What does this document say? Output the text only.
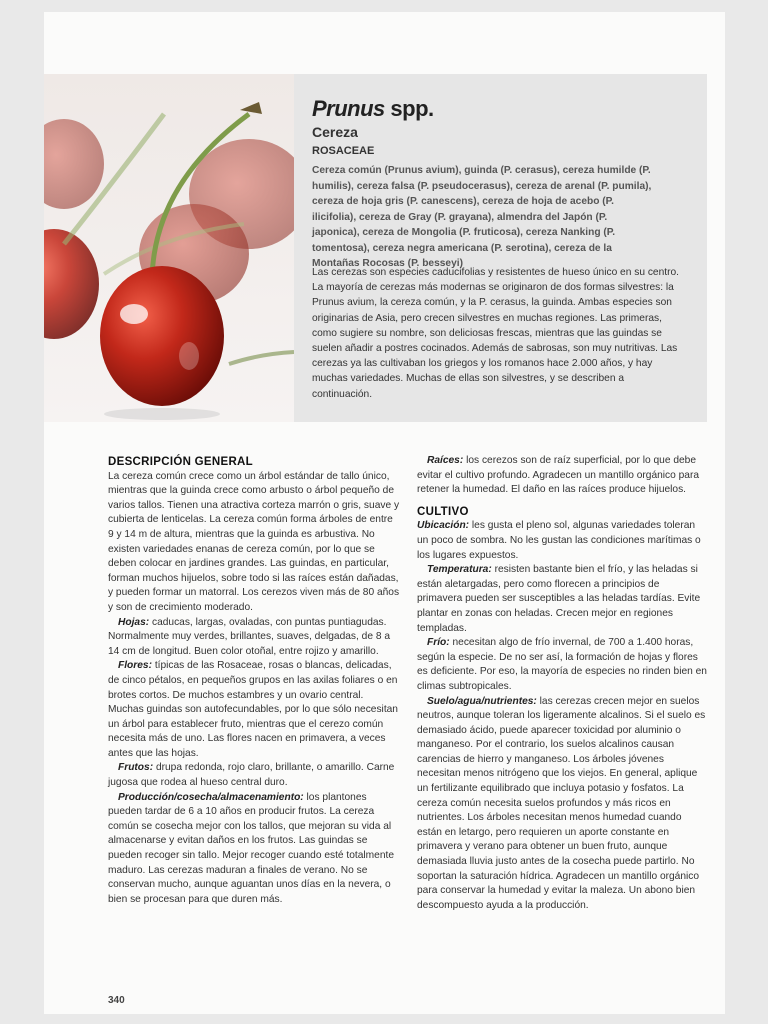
Prunus spp.
Cereza
ROSACEAE

Cereza común (Prunus avium), guinda (P. cerasus), cereza humilde (P. humilis), cereza falsa (P. pseudocerasus), cereza de arenal (P. pumila), cereza de hoja gris (P. canescens), cereza de hoja de acebo (P. ilicifolia), cereza de Gray (P. grayana), almendra del Japón (P. japonica), cereza de Mongolia (P. fruticosa), cereza Nanking (P. tomentosa), cereza negra americana (P. serotina), cereza de la Montañas Rocosas (P. besseyi)

Las cerezas son especies caducifolias y resistentes de hueso único en su centro. La mayoría de cerezas más modernas se originaron de dos formas silvestres: la Prunus avium, la cereza común, y la P. cerasus, la guinda. Ambas especies son originarias de Asia, pero crecen silvestres en muchas regiones. Las primeras, como sugiere su nombre, son deliciosas frescas, mientras que las guindas se suelen añadir a postres cocinados. Además de sabrosas, son muy nutritivas. Las cerezas ya las cultivaban los griegos y los romanos hace 2.000 años, y hay muchas variedades. Muchas de ellas son silvestres, y se describen a continuación.

DESCRIPCIÓN GENERAL

La cereza común crece como un árbol estándar de tallo único, mientras que la guinda crece como arbusto o árbol pequeño de varios tallos. Tienen una atractiva corteza marrón o gris, suave y cubierta de lenticelas. La cereza común forma árboles de entre 9 y 14 m de altura, mientras que la guinda es arbustiva. No existen variedades enanas de cereza común, por lo que se deben colocar en jardines grandes. Las guindas, en particular, forman muchos hijuelos, sobre todo si las raíces están dañadas, y pueden formar un matorral. Los cerezos viven más de 80 años y son de crecimiento moderado.

Hojas: caducas, largas, ovaladas, con puntas puntiagudas. Normalmente muy verdes, brillantes, suaves, delgadas, de 8 a 14 cm de longitud. Buen color otoñal, entre rojizo y amarillo.

Flores: típicas de las Rosaceae, rosas o blancas, delicadas, de cinco pétalos, en pequeños grupos en las axilas foliares o en brotes cortos. De muchos estambres y un ovario central. Muchas guindas son autofecundables, por lo que sólo necesitan un árbol para establecer fruto, mientras que el cerezo común necesita más de uno. Las flores nacen en primavera, a veces antes que las hojas.

Frutos: drupa redonda, rojo claro, brillante, o amarillo. Carne jugosa que rodea al hueso central duro.

Producción/cosecha/almacenamiento: los plantones pueden tardar de 6 a 10 años en producir frutos. La cereza común se cosecha mejor con los tallos, que mejoran su vida al almacenarse y evitan daños en los frutos. Las guindas se pueden recoger sin tallo. Mejor recoger cuando esté totalmente maduro. Las cerezas maduran a finales de verano. No se conservan mucho, aunque aguantan unos días en la nevera, o bien se procesan para que duren más.

Raíces: los cerezos son de raíz superficial, por lo que debe evitar el cultivo profundo. Agradecen un mantillo orgánico para retener la humedad. El daño en las raíces produce hijuelos.

CULTIVO

Ubicación: les gusta el pleno sol, algunas variedades toleran un poco de sombra. No les gustan las condiciones marítimas o los lugares expuestos.

Temperatura: resisten bastante bien el frío, y las heladas si están aletargadas, pero como florecen a principios de primavera pueden ser susceptibles a las heladas tardías. Evite plantar en zonas con heladas. Crecen mejor en regiones templadas.

Frío: necesitan algo de frío invernal, de 700 a 1.400 horas, según la especie. De no ser así, la formación de hojas y flores es deficiente. Por eso, la mayoría de especies no rinden bien en climas subtropicales.

Suelo/agua/nutrientes: las cerezas crecen mejor en suelos neutros, aunque toleran los ligeramente alcalinos. Si el suelo es demasiado ácido, puede aparecer toxicidad por aluminio o manganeso. Por el contrario, los suelos alcalinos causan carencias de hierro y manganeso. Los árboles jóvenes necesitan menos nitrógeno que los viejos. En general, aplique un fertilizante equilibrado que incluya potasio y fosfatos. La cereza común necesita suelos profundos y más ricos en nutrientes. Los árboles necesitan menos humedad cuando están en letargo, pero requieren un aporte constante en primavera y verano para obtener un buen fruto, aunque demasiada lluvia justo antes de la cosecha puede partirlo. No soportan la saturación hídrica. Agradecen un mantillo orgánico para conservar la humedad y evitar la maleza. Un abono bien descompuesto ayuda a la producción.

340
